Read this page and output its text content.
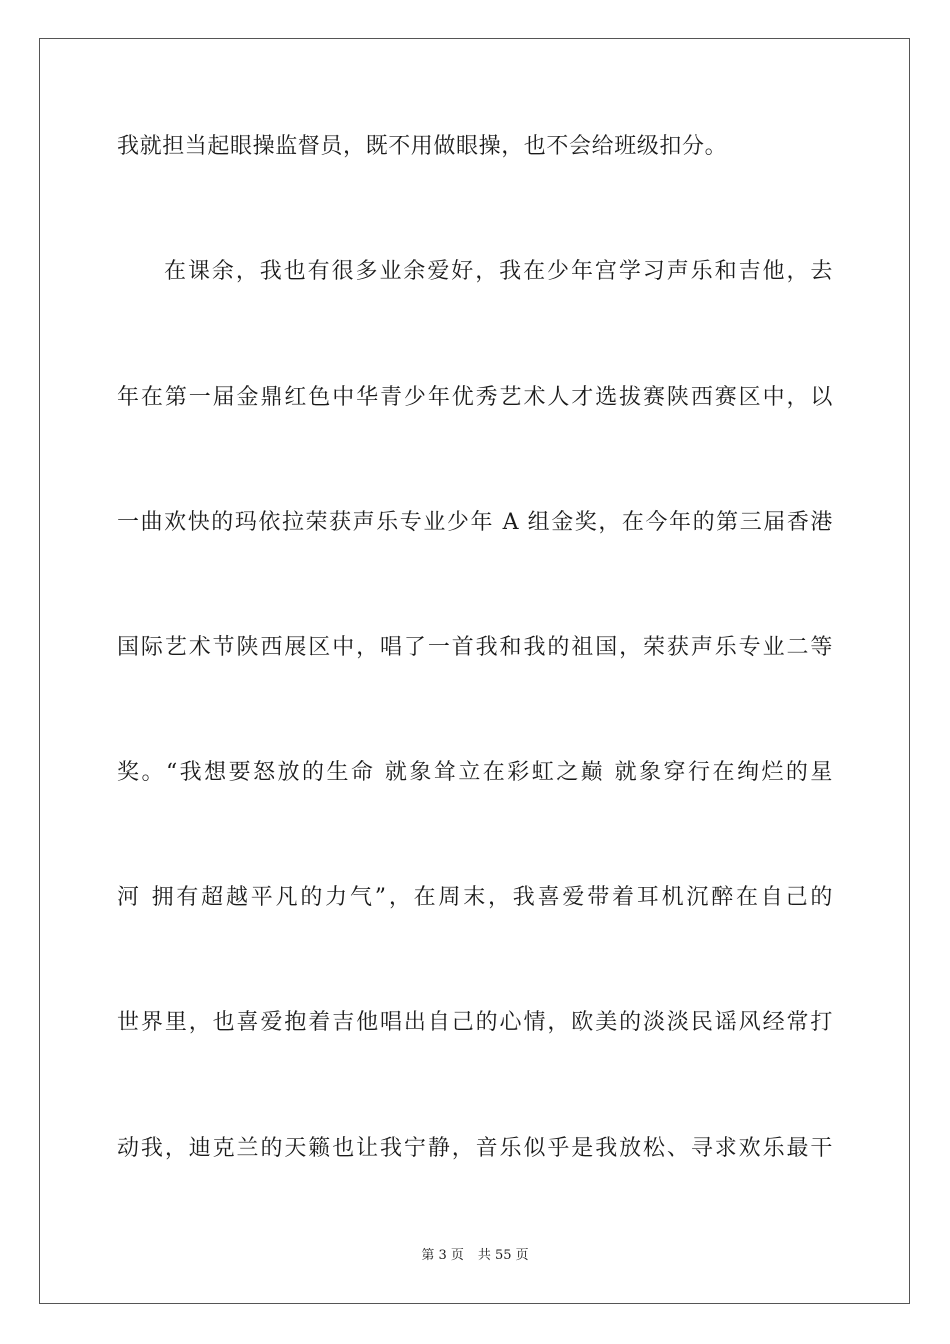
我就担当起眼操监督员，既不用做眼操，也不会给班级扣分。
在课余，我也有很多业余爱好，我在少年宫学习声乐和吉他，去
年在第一届金鼎红色中华青少年优秀艺术人才选拔赛陕西赛区中，以
一曲欢快的玛依拉荣获声乐专业少年 A 组金奖，在今年的第三届香港
国际艺术节陕西展区中，唱了一首我和我的祖国，荣获声乐专业二等
奖。“我想要怒放的生命 就象耸立在彩虹之巅 就象穿行在绚烂的星
河 拥有超越平凡的力气”，在周末，我喜爱带着耳机沉醉在自己的
世界里，也喜爱抱着吉他唱出自己的心情，欧美的淡淡民谣风经常打
动我，迪克兰的天籁也让我宁静，音乐似乎是我放松、寻求欢乐最干
第 3 页 共 55 页
